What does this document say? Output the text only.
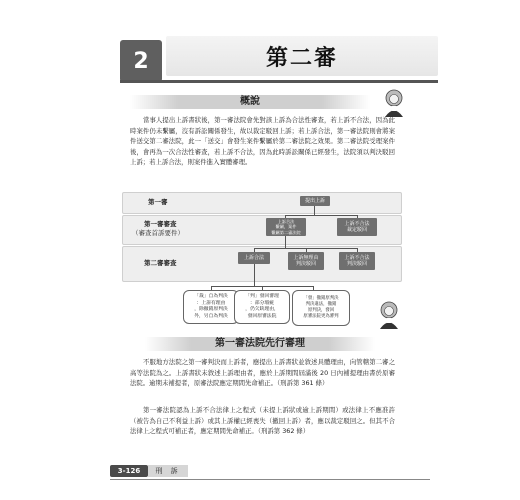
2	第二審
概說
當事人提出上訴書狀後，第一審法院會先對該上訴為合法性審查，若上訴不合法，因為此時案件仍未繫屬，沒有訴訟關係發生，故以裁定駁回上訴；若上訴合法，第一審法院則會將案件送交第二審法院，此一「送交」會發生案件繫屬於第二審法院之效果。第二審法院受理案件後，會再為一次合法性審查，若上訴不合法，因為此時訴訟關係已經發生，法院須以判決駁回上訴；若上訴合法，則案件進入實體審理。
第一審
第一審審查
（審查首訴要件）
第二審審查
提出上訴
上訴合法
繫屬，案件
繫屬第二審法院
上訴不合法
裁定駁回
上訴合法	上訴無理由
判決駁回
上訴不合法
判決駁回
「裁」自為判決
：上訴有理由
，除撤銷原判決
外，另自為判決
「判」發回審理
：部分瑕疵
，仍欠缺理由，
發回原審法院
「發」撤銷原判決
判決違法，撤銷
原判決，發回
原審法院更為審判
第一審法院先行審理
不服地方法院之第一審判決而上訴者，應提出上訴書狀並敘述具體理由，向管轄第二審之高等法院為之。上訴書狀未敘述上訴理由者，應於上訴期間屆滿後 20 日內補提理由書於原審法院。逾期未補提者，原審法院應定期間先命補正。（刑訴第 361 條）
第一審法院認為上訴不合法律上之程式（未提上訴狀或逾上訴期間）或法律上不應准許（被告為自己不利益上訴）或其上訴權已經喪失（撤回上訴）者，應以裁定駁回之。但其不合法律上之程式可補正者，應定期間先命補正。（刑訴第 362 條）
3-126	刑 訴
